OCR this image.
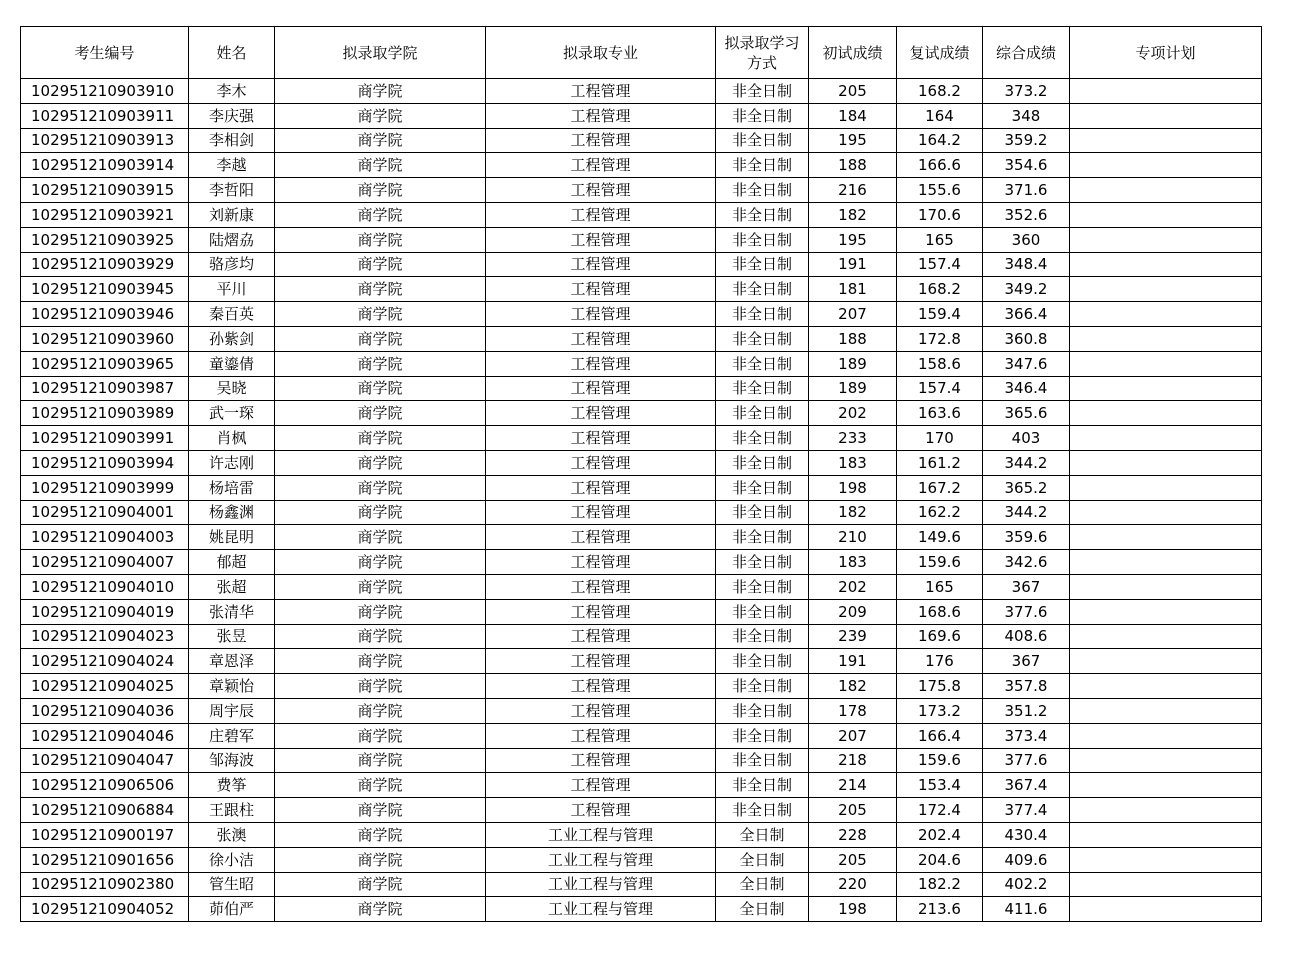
考生编号	姓名	拟录取学院	拟录取专业	拟录取学习方式	初试成绩	复试成绩	综合成绩	专项计划
102951210903910	李木	商学院	工程管理	非全日制	205	168.2	373.2	
102951210903911	李庆强	商学院	工程管理	非全日制	184	164	348	
102951210903913	李相剑	商学院	工程管理	非全日制	195	164.2	359.2	
102951210903914	李越	商学院	工程管理	非全日制	188	166.6	354.6	
102951210903915	李哲阳	商学院	工程管理	非全日制	216	155.6	371.6	
102951210903921	刘新康	商学院	工程管理	非全日制	182	170.6	352.6	
102951210903925	陆熠劦	商学院	工程管理	非全日制	195	165	360	
102951210903929	骆彦均	商学院	工程管理	非全日制	191	157.4	348.4	
102951210903945	平川	商学院	工程管理	非全日制	181	168.2	349.2	
102951210903946	秦百英	商学院	工程管理	非全日制	207	159.4	366.4	
102951210903960	孙紫剑	商学院	工程管理	非全日制	188	172.8	360.8	
102951210903965	童鎏倩	商学院	工程管理	非全日制	189	158.6	347.6	
102951210903987	吴晓	商学院	工程管理	非全日制	189	157.4	346.4	
102951210903989	武一琛	商学院	工程管理	非全日制	202	163.6	365.6	
102951210903991	肖枫	商学院	工程管理	非全日制	233	170	403	
102951210903994	许志刚	商学院	工程管理	非全日制	183	161.2	344.2	
102951210903999	杨培雷	商学院	工程管理	非全日制	198	167.2	365.2	
102951210904001	杨鑫渊	商学院	工程管理	非全日制	182	162.2	344.2	
102951210904003	姚昆明	商学院	工程管理	非全日制	210	149.6	359.6	
102951210904007	郁超	商学院	工程管理	非全日制	183	159.6	342.6	
102951210904010	张超	商学院	工程管理	非全日制	202	165	367	
102951210904019	张清华	商学院	工程管理	非全日制	209	168.6	377.6	
102951210904023	张昱	商学院	工程管理	非全日制	239	169.6	408.6	
102951210904024	章恩泽	商学院	工程管理	非全日制	191	176	367	
102951210904025	章颖怡	商学院	工程管理	非全日制	182	175.8	357.8	
102951210904036	周宇辰	商学院	工程管理	非全日制	178	173.2	351.2	
102951210904046	庄碧军	商学院	工程管理	非全日制	207	166.4	373.4	
102951210904047	邹海波	商学院	工程管理	非全日制	218	159.6	377.6	
102951210906506	费筝	商学院	工程管理	非全日制	214	153.4	367.4	
102951210906884	王跟柱	商学院	工程管理	非全日制	205	172.4	377.4	
102951210900197	张澳	商学院	工业工程与管理	全日制	228	202.4	430.4	
102951210901656	徐小洁	商学院	工业工程与管理	全日制	205	204.6	409.6	
102951210902380	管生昭	商学院	工业工程与管理	全日制	220	182.2	402.2	
102951210904052	茆伯严	商学院	工业工程与管理	全日制	198	213.6	411.6	
